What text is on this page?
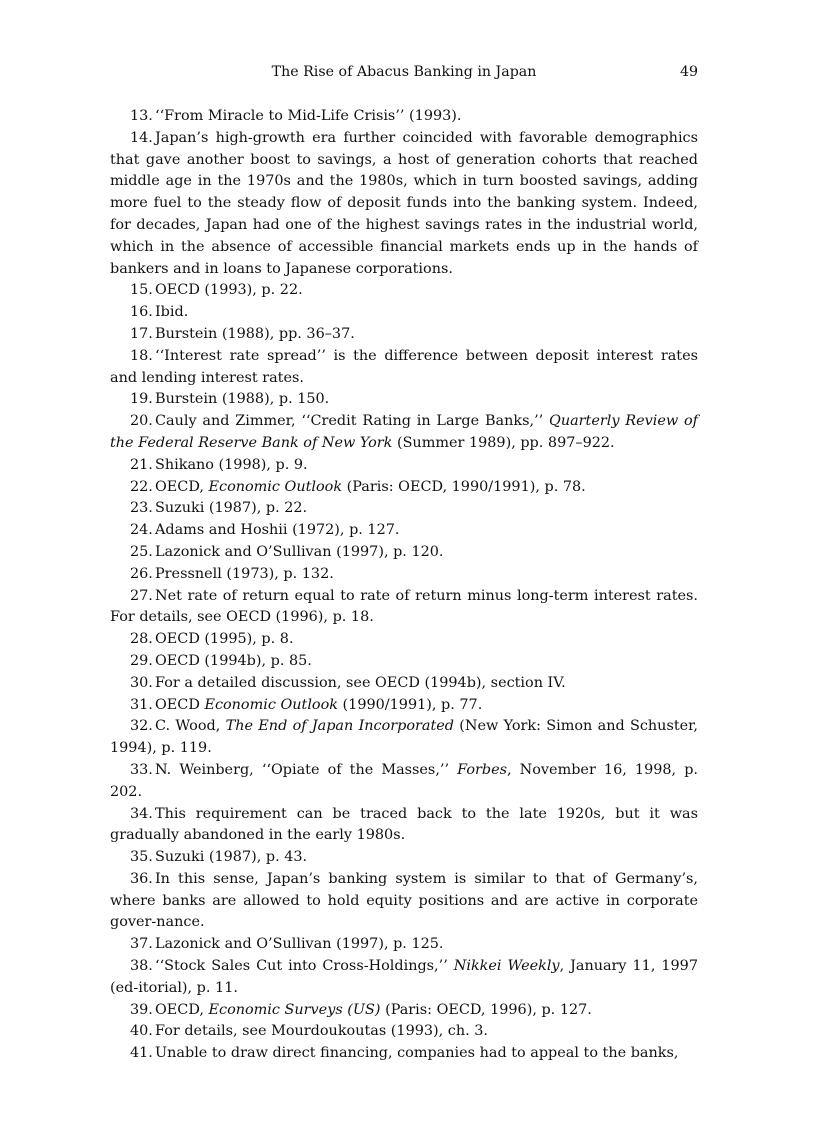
The Rise of Abacus Banking in Japan	49

13. ‘‘From Miracle to Mid-Life Crisis’’ (1993).

14. Japan’s high-growth era further coincided with favorable demographics that gave another boost to savings, a host of generation cohorts that reached middle age in the 1970s and the 1980s, which in turn boosted savings, adding more fuel to the steady flow of deposit funds into the banking system. Indeed, for decades, Japan had one of the highest savings rates in the industrial world, which in the absence of accessible financial markets ends up in the hands of bankers and in loans to Japanese corporations.

15. OECD (1993), p. 22.

16. Ibid.

17. Burstein (1988), pp. 36–37.

18. ‘‘Interest rate spread’’ is the difference between deposit interest rates and lending interest rates.

19. Burstein (1988), p. 150.

20. Cauly and Zimmer, ‘‘Credit Rating in Large Banks,’’ Quarterly Review of the Federal Reserve Bank of New York (Summer 1989), pp. 897–922.

21. Shikano (1998), p. 9.

22. OECD, Economic Outlook (Paris: OECD, 1990/1991), p. 78.

23. Suzuki (1987), p. 22.

24. Adams and Hoshii (1972), p. 127.

25. Lazonick and O’Sullivan (1997), p. 120.

26. Pressnell (1973), p. 132.

27. Net rate of return equal to rate of return minus long-term interest rates. For details, see OECD (1996), p. 18.

28. OECD (1995), p. 8.

29. OECD (1994b), p. 85.

30. For a detailed discussion, see OECD (1994b), section IV.

31. OECD Economic Outlook (1990/1991), p. 77.

32. C. Wood, The End of Japan Incorporated (New York: Simon and Schuster, 1994), p. 119.

33. N. Weinberg, ‘‘Opiate of the Masses,’’ Forbes, November 16, 1998, p. 202.

34. This requirement can be traced back to the late 1920s, but it was gradually abandoned in the early 1980s.

35. Suzuki (1987), p. 43.

36. In this sense, Japan’s banking system is similar to that of Germany’s, where banks are allowed to hold equity positions and are active in corporate gover-nance.

37. Lazonick and O’Sullivan (1997), p. 125.

38. ‘‘Stock Sales Cut into Cross-Holdings,’’ Nikkei Weekly, January 11, 1997 (ed-itorial), p. 11.

39. OECD, Economic Surveys (US) (Paris: OECD, 1996), p. 127.

40. For details, see Mourdoukoutas (1993), ch. 3.

41. Unable to draw direct financing, companies had to appeal to the banks,
